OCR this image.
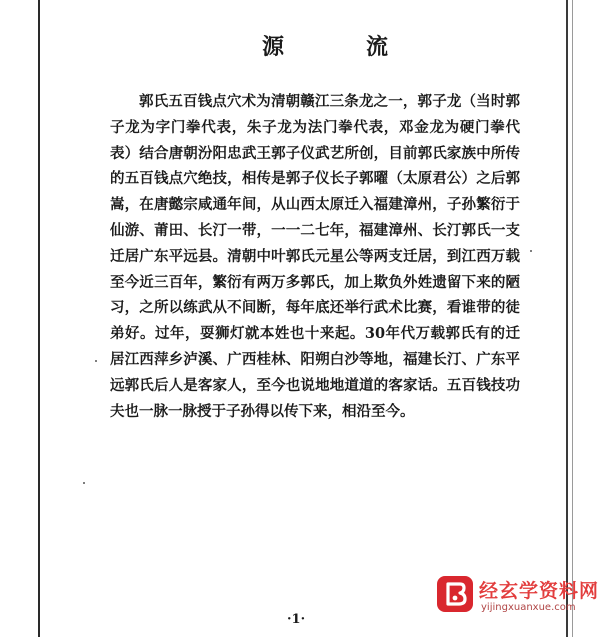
源　流

郭氏五百钱点穴术为清朝赣江三条龙之一，郭子龙（当时郭子龙为字门拳代表，朱子龙为法门拳代表，邓金龙为硬门拳代表）结合唐朝汾阳忠武王郭子仪武艺所创，目前郭氏家族中所传的五百钱点穴绝技，相传是郭子仪长子郭曜（太原君公）之后郭嵩，在唐懿宗咸通年间，从山西太原迁入福建漳州，子孙繁衍于仙游、莆田、长汀一带，一一二七年，福建漳州、长汀郭氏一支迁居广东平远县。清朝中叶郭氏元星公等两支迁居，到江西万载至今近三百年，繁衍有两万多郭氏，加上欺负外姓遗留下来的陋习，之所以练武从不间断，每年底还举行武术比赛，看谁带的徒弟好。过年，耍狮灯就本姓也十来起。30年代万载郭氏有的迁居江西萍乡泸溪、广西桂林、阳朔白沙等地，福建长汀、广东平远郭氏后人是客家人，至今也说地地道道的客家话。五百钱技功夫也一脉一脉授于子孙得以传下来，相沿至今。

·1·
经玄学资料网
yijingxuanxue.com
